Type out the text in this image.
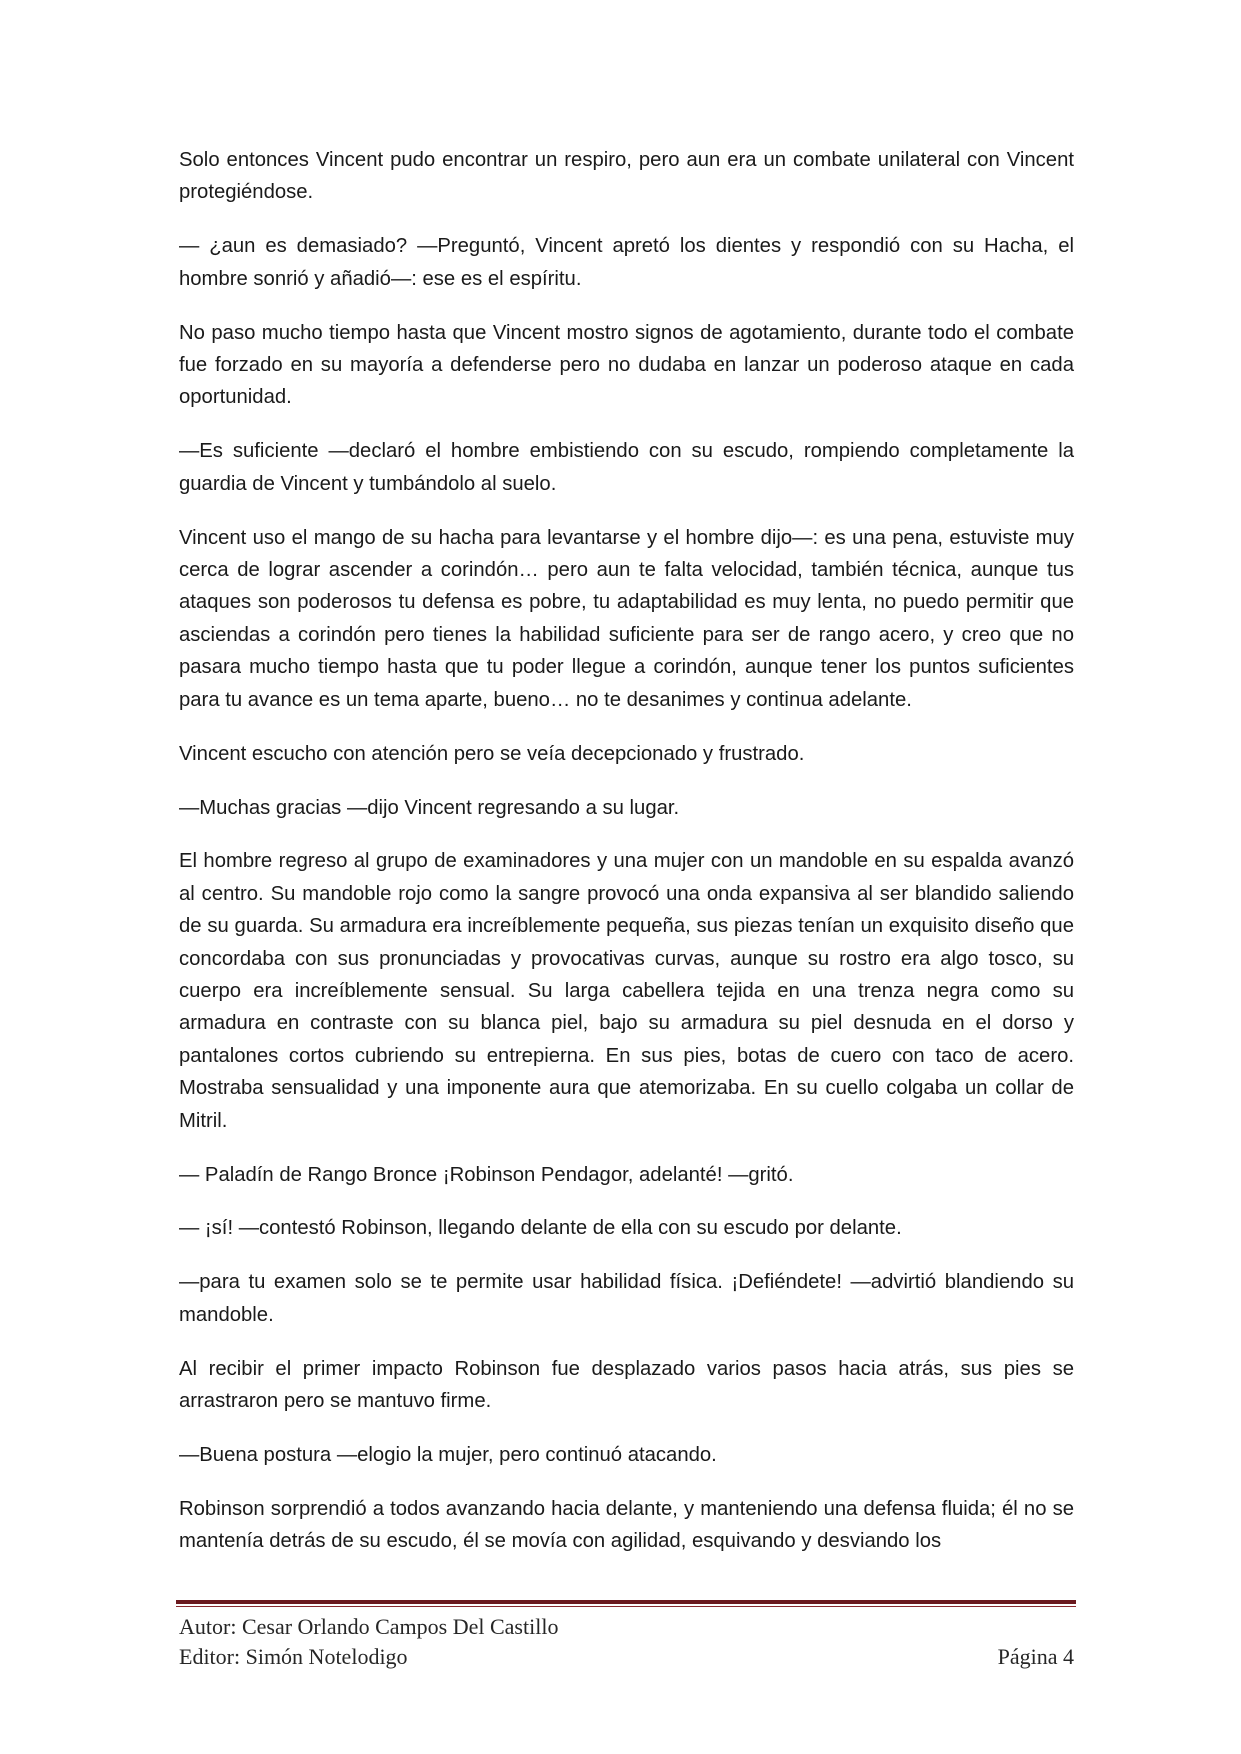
Solo entonces Vincent pudo encontrar un respiro, pero aun era un combate unilateral con Vincent protegiéndose.

— ¿aun es demasiado? —Preguntó, Vincent apretó los dientes y respondió con su Hacha, el hombre sonrió y añadió—: ese es el espíritu.

No paso mucho tiempo hasta que Vincent mostro signos de agotamiento, durante todo el combate fue forzado en su mayoría a defenderse pero no dudaba en lanzar un poderoso ataque en cada oportunidad.

—Es suficiente —declaró el hombre embistiendo con su escudo, rompiendo completamente la guardia de Vincent y tumbándolo al suelo.

Vincent uso el mango de su hacha para levantarse y el hombre dijo—: es una pena, estuviste muy cerca de lograr ascender a corindón… pero aun te falta velocidad, también técnica, aunque tus ataques son poderosos tu defensa es pobre, tu adaptabilidad es muy lenta, no puedo permitir que asciendas a corindón pero tienes la habilidad suficiente para ser de rango acero, y creo que no pasara mucho tiempo hasta que tu poder llegue a corindón, aunque tener los puntos suficientes para tu avance es un tema aparte, bueno… no te desanimes y continua adelante.

Vincent escucho con atención pero se veía decepcionado y frustrado.

—Muchas gracias —dijo Vincent regresando a su lugar.

El hombre regreso al grupo de examinadores y una mujer con un mandoble en su espalda avanzó al centro. Su mandoble rojo como la sangre provocó una onda expansiva al ser blandido saliendo de su guarda. Su armadura era increíblemente pequeña, sus piezas tenían un exquisito diseño que concordaba con sus pronunciadas y provocativas curvas, aunque su rostro era algo tosco, su cuerpo era increíblemente sensual. Su larga cabellera tejida en una trenza negra como su armadura en contraste con su blanca piel, bajo su armadura su piel desnuda en el dorso y pantalones cortos cubriendo su entrepierna. En sus pies, botas de cuero con taco de acero. Mostraba sensualidad y una imponente aura que atemorizaba. En su cuello colgaba un collar de Mitril.

— Paladín de Rango Bronce ¡Robinson Pendagor, adelanté! —gritó.

— ¡sí! —contestó Robinson, llegando delante de ella con su escudo por delante.

—para tu examen solo se te permite usar habilidad física. ¡Defiéndete! —advirtió blandiendo su mandoble.

Al recibir el primer impacto Robinson fue desplazado varios pasos hacia atrás, sus pies se arrastraron pero se mantuvo firme.

—Buena postura —elogio la mujer, pero continuó atacando.

Robinson sorprendió a todos avanzando hacia delante, y manteniendo una defensa fluida; él no se mantenía detrás de su escudo, él se movía con agilidad, esquivando y desviando los

Autor: Cesar Orlando Campos Del Castillo
Editor: Simón Notelodigo	Página 4
